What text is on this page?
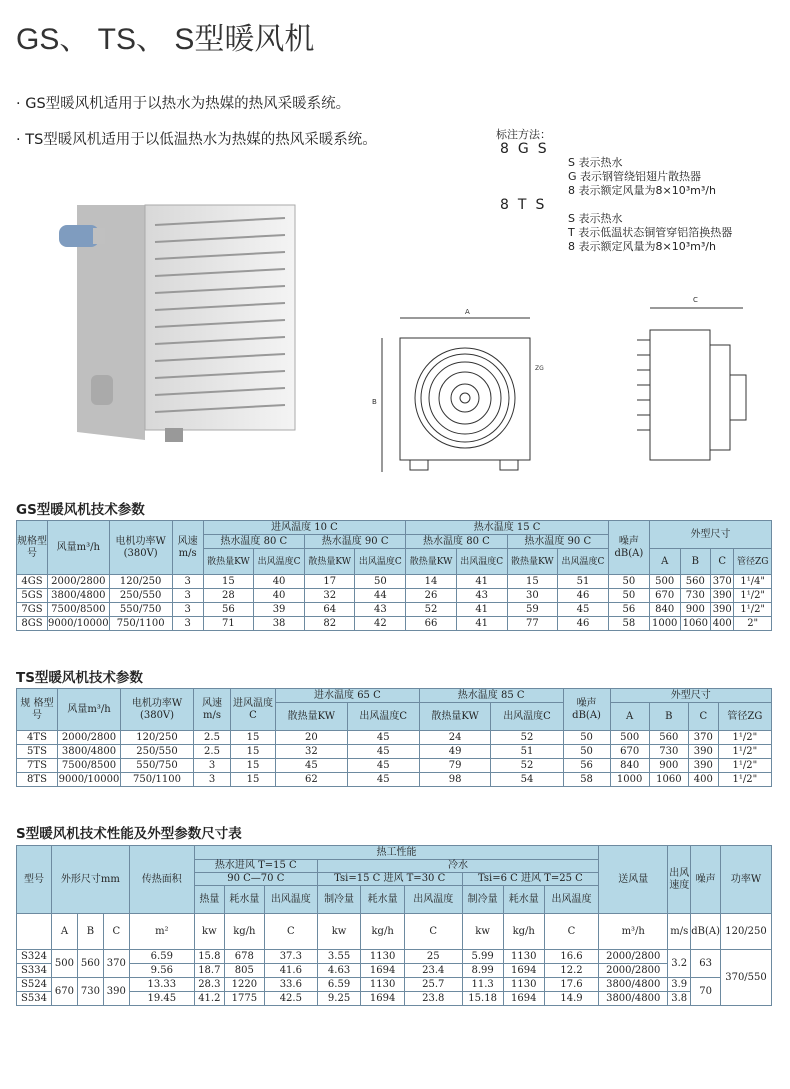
GS、 TS、 S型暖风机
· GS型暖风机适用于以热水为热媒的热风采暖系统。
· TS型暖风机适用于以低温热水为热媒的热风采暖系统。	标注方法：
8GS
S 表示热水
G 表示钢管绕铝翅片散热器
8 表示额定风量为8×10³m³/h
8TS
S 表示热水
T 表示低温状态铜管穿铝箔换热器
8 表示额定风量为8×10³m³/h
A
B
ZG
C
GS型暖风机技术参数
规格型号	风量m³/h	电机功率W (380V)	风速m/s	进风温度 10 C				热水温度 15 C				噪声dB(A)	外型尺寸			
				热水温度 80 C		热水温度 90 C		热水温度 80 C		热水温度 90 C						
				散热量KW	出风温度C	散热量KW	出风温度C	散热量KW	出风温度C	散热量KW	出风温度C		A	B	C	管径ZG
4GS	2000/2800	120/250	3	15	40	17	50	14	41	15	51	50	500	560	370	1¹/4"
5GS	3800/4800	250/550	3	28	40	32	44	26	43	30	46	50	670	730	390	1¹/2"
7GS	7500/8500	550/750	3	56	39	64	43	52	41	59	45	56	840	900	390	1¹/2"
8GS	9000/10000	750/1100	3	71	38	82	42	66	41	77	46	58	1000	1060	400	2"
TS型暖风机技术参数
规 格型 号	风量m³/h	电机功率W (380V)	风速m/s	进风温度C	进水温度 65 C		热水温度 85 C		噪声dB(A)	外型尺寸			
					散热量KW	出风温度C	散热量KW	出风温度C		A	B	C	管径ZG
4TS	2000/2800	120/250	2.5	15	20	45	24	52	50	500	560	370	1¹/2"
5TS	3800/4800	250/550	2.5	15	32	45	49	51	50	670	730	390	1¹/2"
7TS	7500/8500	550/750	3	15	45	45	79	52	56	840	900	390	1¹/2"
8TS	9000/10000	750/1100	3	15	62	45	98	54	58	1000	1060	400	1¹/2"
S型暖风机技术性能及外型参数尺寸表
型号	外形尺寸mm			传热面积	热工性能									送风量	出风速度	噪声	功率W
					热水进风 T=15 C			冷水									
					90 C—70 C			Tsi=15 C 进风 T=30 C			Tsi=6 C 进风 T=25 C						
					热量	耗水量	出风温度	制冷量	耗水量	出风温度	制冷量	耗水量	出风温度				
	A	B	C	m²	kw	kg/h	C	kw	kg/h	C	kw	kg/h	C	m³/h	m/s	dB(A)	120/250
S324	500	560	370	6.59	15.8	678	37.3	3.55	1130	25	5.99	1130	16.6	2000/2800	3.2	63	370/550
S334				9.56	18.7	805	41.6	4.63	1694	23.4	8.99	1694	12.2	2000/2800			
S524	670	730	390	13.33	28.3	1220	33.6	6.59	1130	25.7	11.3	1130	17.6	3800/4800	3.9	70	
S534				19.45	41.2	1775	42.5	9.25	1694	23.8	15.18	1694	14.9	3800/4800	3.8		
